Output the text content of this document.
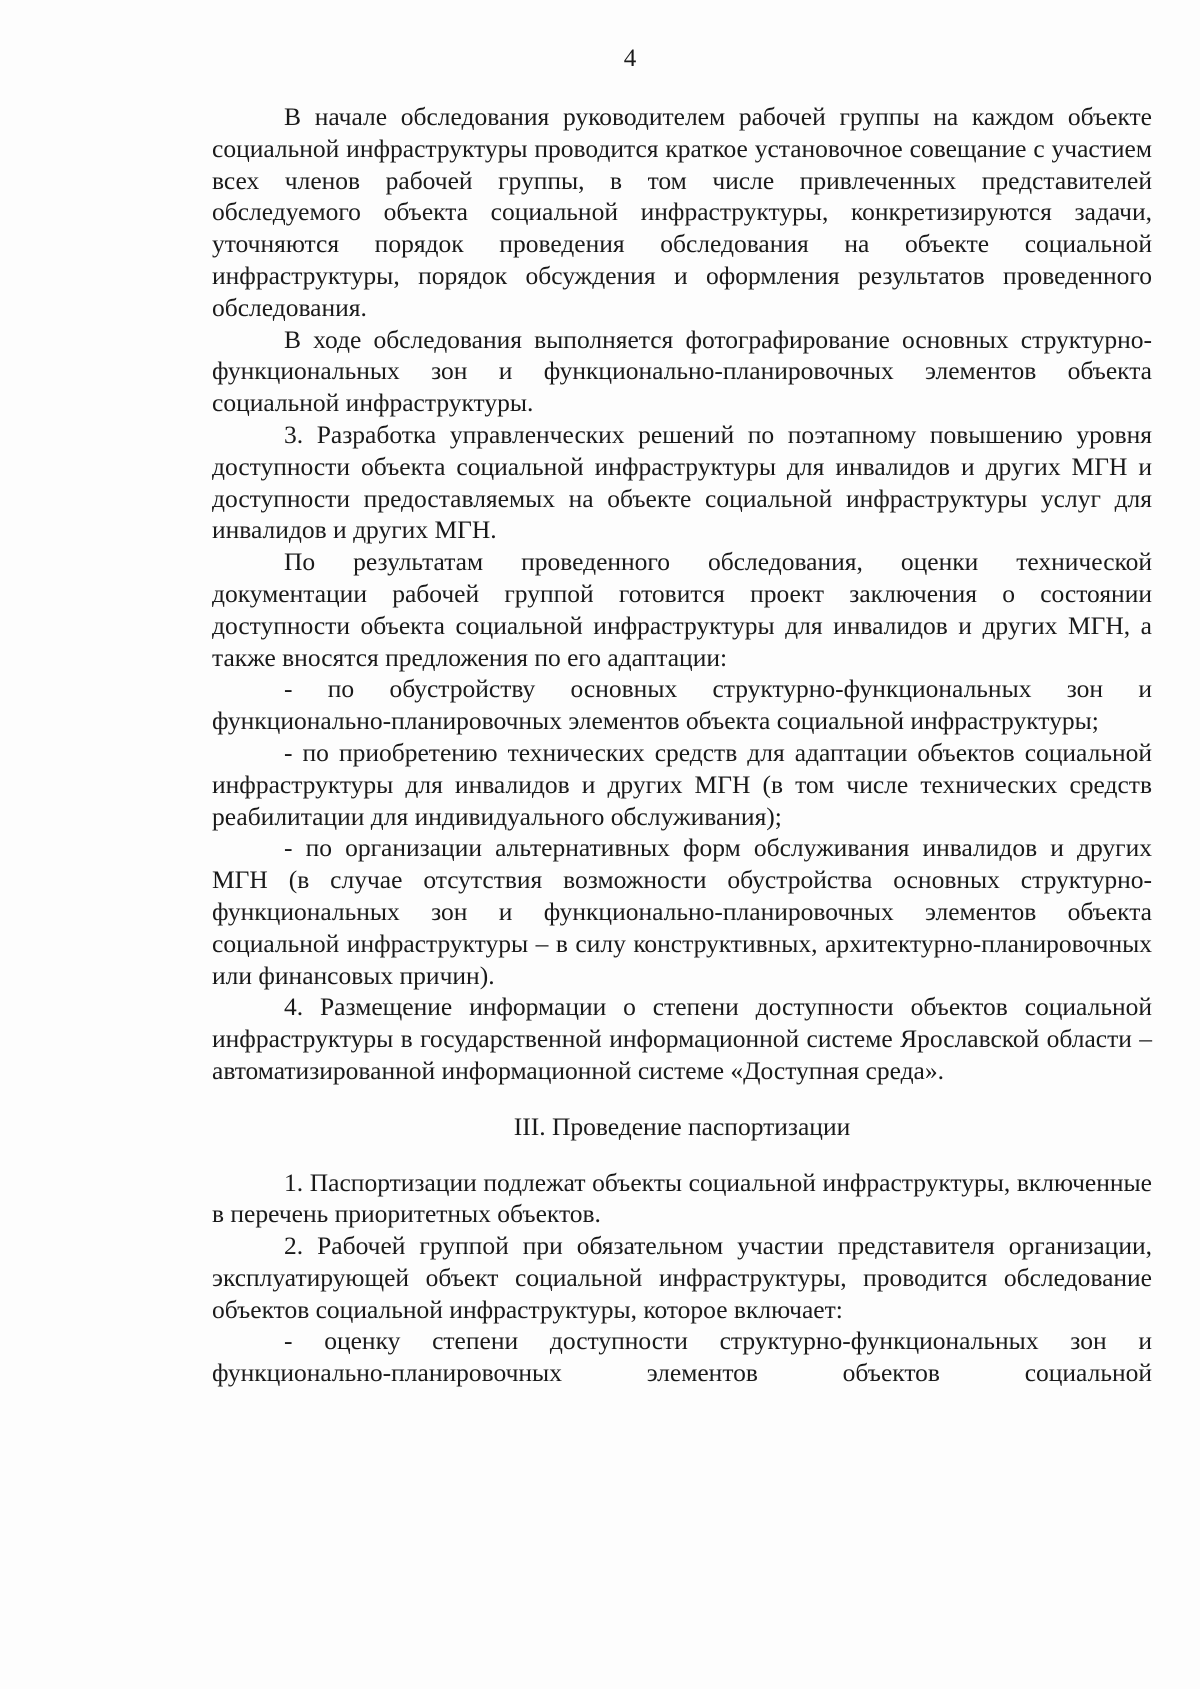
4

В начале обследования руководителем рабочей группы на каждом объекте социальной инфраструктуры проводится краткое установочное совещание с участием всех членов рабочей группы, в том числе привлеченных представителей обследуемого объекта социальной инфраструктуры, конкретизируются задачи, уточняются порядок проведения обследования на объекте социальной инфраструктуры, порядок обсуждения и оформления результатов проведенного обследования.

В ходе обследования выполняется фотографирование основных структурно-функциональных зон и функционально-планировочных элементов объекта социальной инфраструктуры.

3. Разработка управленческих решений по поэтапному повышению уровня доступности объекта социальной инфраструктуры для инвалидов и других МГН и доступности предоставляемых на объекте социальной инфраструктуры услуг для инвалидов и других МГН.

По результатам проведенного обследования, оценки технической документации рабочей группой готовится проект заключения о состоянии доступности объекта социальной инфраструктуры для инвалидов и других МГН, а также вносятся предложения по его адаптации:

- по обустройству основных структурно-функциональных зон и функционально-планировочных элементов объекта социальной инфраструктуры;

- по приобретению технических средств для адаптации объектов социальной инфраструктуры для инвалидов и других МГН (в том числе технических средств реабилитации для индивидуального обслуживания);

- по организации альтернативных форм обслуживания инвалидов и других МГН (в случае отсутствия возможности обустройства основных структурно-функциональных зон и функционально-планировочных элементов объекта социальной инфраструктуры – в силу конструктивных, архитектурно-планировочных или финансовых причин).

4. Размещение информации о степени доступности объектов социальной инфраструктуры в государственной информационной системе Ярославской области – автоматизированной информационной системе «Доступная среда».

III. Проведение паспортизации

1. Паспортизации подлежат объекты социальной инфраструктуры, включенные в перечень приоритетных объектов.

2. Рабочей группой при обязательном участии представителя организации, эксплуатирующей объект социальной инфраструктуры, проводится обследование объектов социальной инфраструктуры, которое включает:

- оценку степени доступности структурно-функциональных зон и функционально-планировочных элементов объектов социальной
